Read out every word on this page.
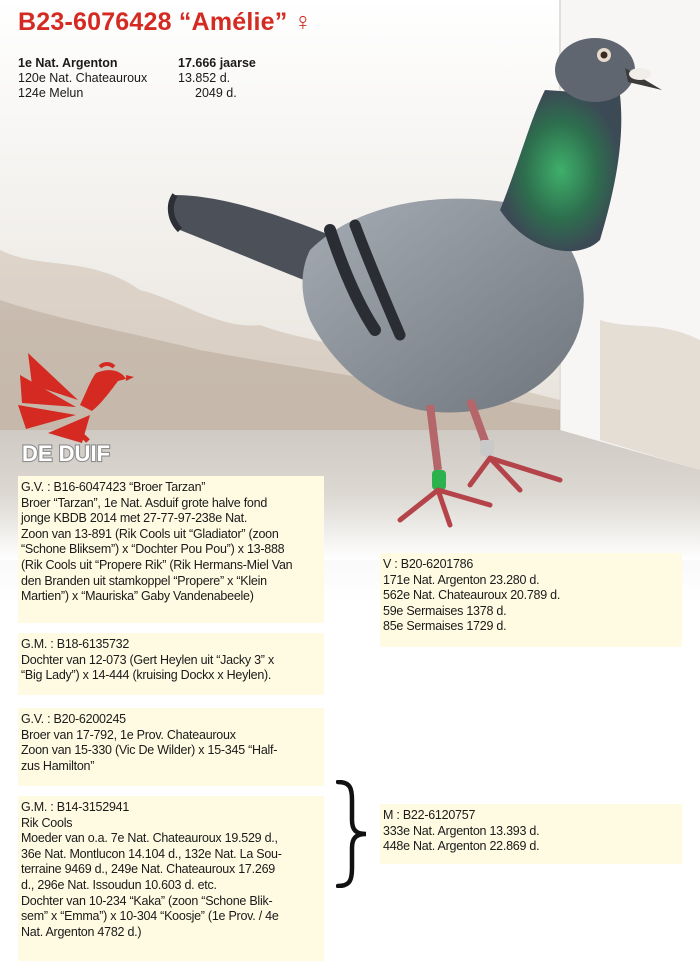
B23-6076428 “Amélie” ♀
1e Nat. Argenton	17.666 jaarse
120e Nat. Chateauroux	13.852 d.
124e Melun	2049 d.
DE DUIF
G.V. : B16-6047423 “Broer Tarzan”
Broer “Tarzan”, 1e Nat. Asduif grote halve fond
jonge KBDB 2014 met 27-77-97-238e Nat.
Zoon van 13-891 (Rik Cools uit “Gladiator” (zoon
“Schone Bliksem”) x “Dochter Pou Pou”) x 13-888
(Rik Cools uit “Propere Rik” (Rik Hermans-Miel Van
den Branden uit stamkoppel “Propere” x “Klein
Martien”) x “Mauriska” Gaby Vandenabeele)
G.M. : B18-6135732
Dochter van 12-073 (Gert Heylen uit “Jacky 3” x
“Big Lady”) x 14-444 (kruising Dockx x Heylen).
G.V. : B20-6200245
Broer van 17-792, 1e Prov. Chateauroux
Zoon van 15-330 (Vic De Wilder) x 15-345 “Half-
zus Hamilton”
G.M. : B14-3152941
Rik Cools
Moeder van o.a. 7e Nat. Chateauroux 19.529 d.,
36e Nat. Montlucon 14.104 d., 132e Nat. La Sou-
terraine 9469 d., 249e Nat. Chateauroux 17.269
d., 296e Nat. Issoudun 10.603 d. etc.
Dochter van 10-234 “Kaka” (zoon “Schone Blik-
sem” x “Emma”) x 10-304 “Koosje” (1e Prov. / 4e
Nat. Argenton 4782 d.)
V : B20-6201786
171e Nat. Argenton 23.280 d.
562e Nat. Chateauroux 20.789 d.
59e Sermaises 1378 d.
85e Sermaises 1729 d.
M : B22-6120757
333e Nat. Argenton 13.393 d.
448e Nat. Argenton 22.869 d.
